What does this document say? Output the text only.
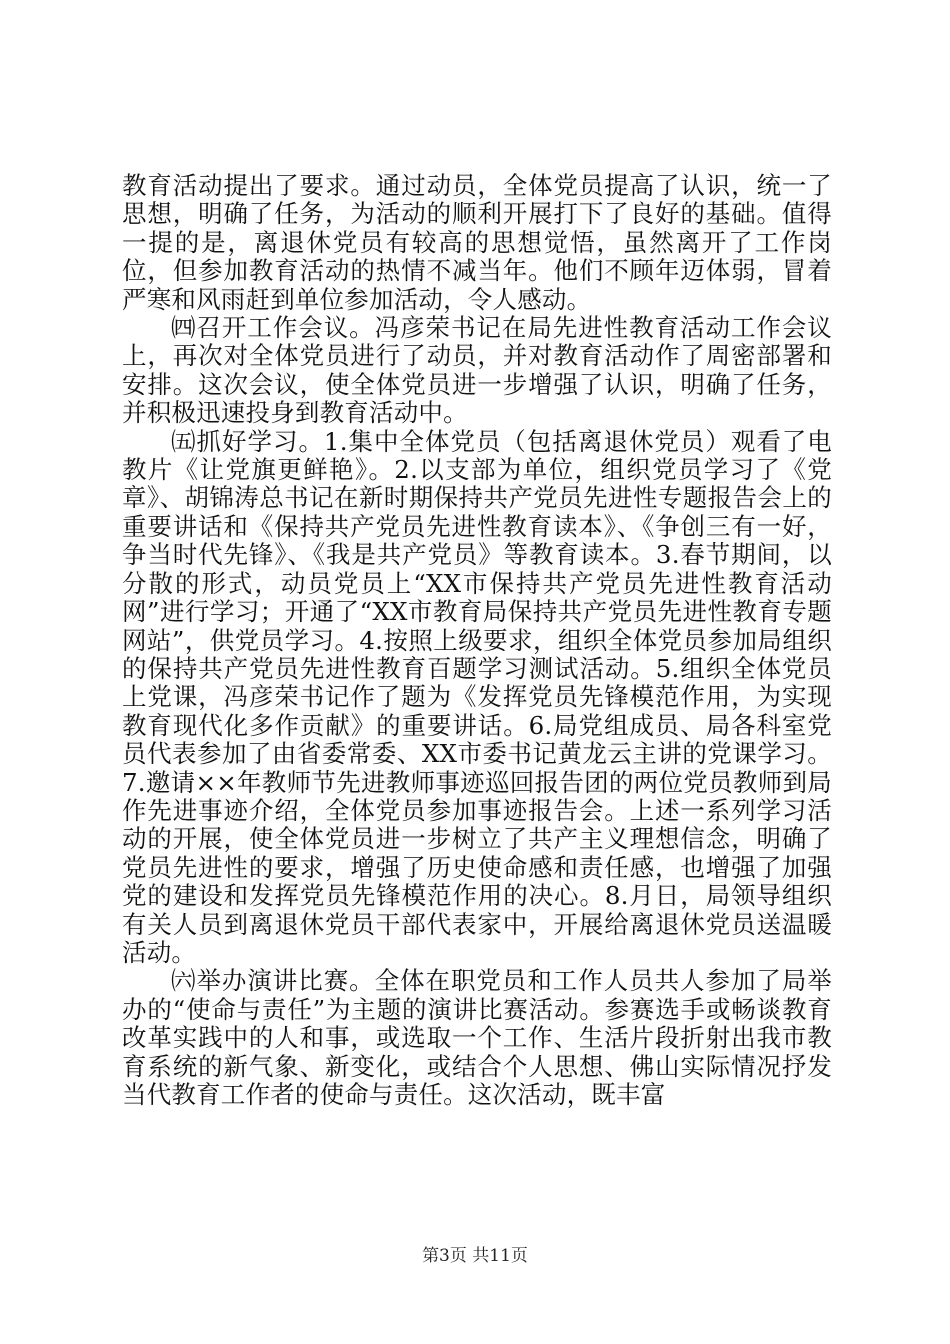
教育活动提出了要求。通过动员，全体党员提高了认识，统一了思想，明确了任务，为活动的顺利开展打下了良好的基础。值得一提的是，离退休党员有较高的思想觉悟，虽然离开了工作岗位，但参加教育活动的热情不减当年。他们不顾年迈体弱，冒着严寒和风雨赶到单位参加活动，令人感动。

㈣召开工作会议。冯彦荣书记在局先进性教育活动工作会议上，再次对全体党员进行了动员，并对教育活动作了周密部署和安排。这次会议，使全体党员进一步增强了认识，明确了任务，并积极迅速投身到教育活动中。

㈤抓好学习。1.集中全体党员（包括离退休党员）观看了电教片《让党旗更鲜艳》。2.以支部为单位，组织党员学习了《党章》、胡锦涛总书记在新时期保持共产党员先进性专题报告会上的重要讲话和《保持共产党员先进性教育读本》、《争创三有一好，争当时代先锋》、《我是共产党员》等教育读本。3.春节期间，以分散的形式，动员党员上“XX市保持共产党员先进性教育活动网”进行学习；开通了“XX市教育局保持共产党员先进性教育专题网站”，供党员学习。4.按照上级要求，组织全体党员参加局组织的保持共产党员先进性教育百题学习测试活动。5.组织全体党员上党课，冯彦荣书记作了题为《发挥党员先锋模范作用，为实现教育现代化多作贡献》的重要讲话。6.局党组成员、局各科室党员代表参加了由省委常委、XX市委书记黄龙云主讲的党课学习。7.邀请××年教师节先进教师事迹巡回报告团的两位党员教师到局作先进事迹介绍，全体党员参加事迹报告会。上述一系列学习活动的开展，使全体党员进一步树立了共产主义理想信念，明确了党员先进性的要求，增强了历史使命感和责任感，也增强了加强党的建设和发挥党员先锋模范作用的决心。8.月日，局领导组织有关人员到离退休党员干部代表家中，开展给离退休党员送温暖活动。

㈥举办演讲比赛。全体在职党员和工作人员共人参加了局举办的“使命与责任”为主题的演讲比赛活动。参赛选手或畅谈教育改革实践中的人和事，或选取一个工作、生活片段折射出我市教育系统的新气象、新变化，或结合个人思想、佛山实际情况抒发当代教育工作者的使命与责任。这次活动，既丰富

第3页 共11页
